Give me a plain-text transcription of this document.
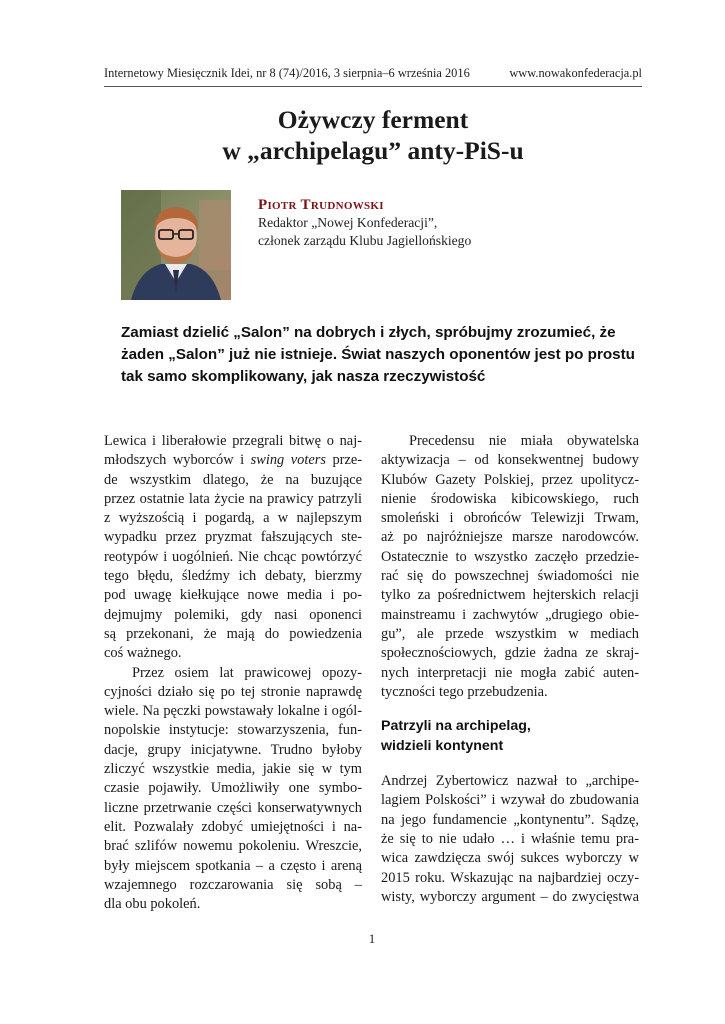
Internetowy Miesięcznik Idei, nr 8 (74)/2016, 3 sierpnia–6 września 2016	www.nowakonfederacja.pl
Ożywczy ferment
w „archipelagu” anty-PiS-u
Piotr Trudnowski
Redaktor „Nowej Konfederacji”,
członek zarządu Klubu Jagiellońskiego
Zamiast dzielić „Salon” na dobrych i złych, spróbujmy zrozumieć, że
żaden „Salon” już nie istnieje. Świat naszych oponentów jest po prostu
tak samo skomplikowany, jak nasza rzeczywistość
Lewica i liberałowie przegrali bitwę o naj-
młodszych wyborców i swing voters prze-
de wszystkim dlatego, że na buzujące
przez ostatnie lata życie na prawicy patrzyli
z wyższością i pogardą, a w najlepszym
wypadku przez pryzmat fałszujących ste-
reotypów i uogólnień. Nie chcąc powtórzyć
tego błędu, śledźmy ich debaty, bierzmy
pod uwagę kiełkujące nowe media i po-
dejmujmy polemiki, gdy nasi oponenci
są przekonani, że mają do powiedzenia
coś ważnego.
Przez osiem lat prawicowej opozy-
cyjności działo się po tej stronie naprawdę
wiele. Na pęczki powstawały lokalne i ogól-
nopolskie instytucje: stowarzyszenia, fun-
dacje, grupy inicjatywne. Trudno byłoby
zliczyć wszystkie media, jakie się w tym
czasie pojawiły. Umożliwiły one symbo-
liczne przetrwanie części konserwatywnych
elit. Pozwalały zdobyć umiejętności i na-
brać szlifów nowemu pokoleniu. Wreszcie,
były miejscem spotkania – a często i areną
wzajemnego rozczarowania się sobą –
dla obu pokoleń.
Precedensu nie miała obywatelska
aktywizacja – od konsekwentnej budowy
Klubów Gazety Polskiej, przez upolitycz-
nienie środowiska kibicowskiego, ruch
smoleński i obrońców Telewizji Trwam,
aż po najróżniejsze marsze narodowców.
Ostatecznie to wszystko zaczęło przedzie-
rać się do powszechnej świadomości nie
tylko za pośrednictwem hejterskich relacji
mainstreamu i zachwytów „drugiego obie-
gu”, ale przede wszystkim w mediach
społecznościowych, gdzie żadna ze skraj-
nych interpretacji nie mogła zabić auten-
tyczności tego przebudzenia.
Patrzyli na archipelag,
widzieli kontynent
Andrzej Zybertowicz nazwał to „archipe-
lagiem Polskości” i wzywał do zbudowania
na jego fundamencie „kontynentu”. Sądzę,
że się to nie udało … i właśnie temu pra-
wica zawdzięcza swój sukces wyborczy w
2015 roku. Wskazując na najbardziej oczy-
wisty, wyborczy argument – do zwycięstwa
1
